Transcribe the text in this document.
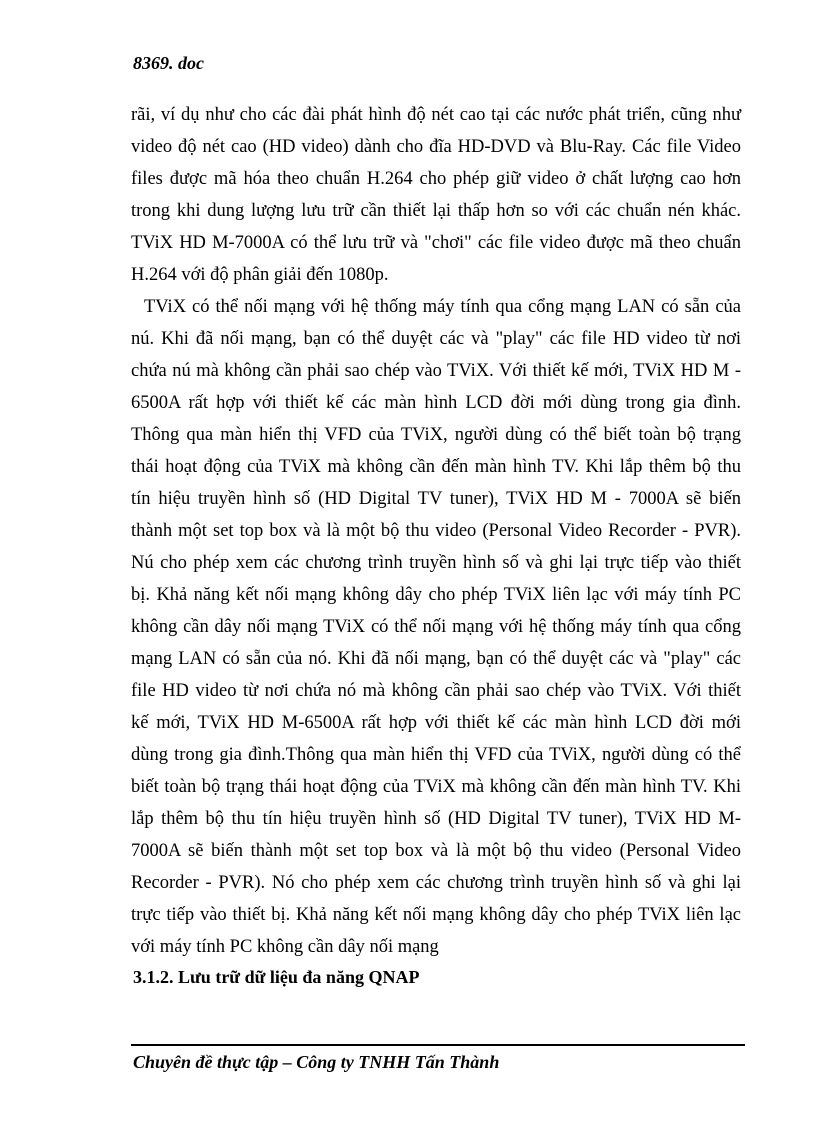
8369. doc
rãi, ví dụ như cho các đài phát hình độ nét cao tại các nước phát triển, cũng như
video độ nét cao (HD video) dành cho đĩa HD-DVD và Blu-Ray. Các file Video
files được mã hóa theo chuẩn H.264 cho phép giữ video ở chất lượng cao hơn
trong khi dung lượng lưu trữ cần thiết lại thấp hơn so với các chuẩn nén khác.
TViX HD M-7000A có thể lưu trữ và "chơi" các file video được mã theo chuẩn
H.264 với độ phân giải đến 1080p.
TViX có thể nối mạng với hệ thống máy tính qua cổng mạng LAN có sẵn của
nú. Khi đã nối mạng, bạn có thể duyệt các và "play" các file HD video từ nơi
chứa nú mà không cần phải sao chép vào TViX. Với thiết kế mới, TViX HD M -
6500A rất hợp với thiết kế các màn hình LCD đời mới dùng trong gia đình.
Thông qua màn hiển thị VFD của TViX, người dùng có thể biết toàn bộ trạng
thái hoạt động của TViX mà không cần đến màn hình TV. Khi lắp thêm bộ thu
tín hiệu truyền hình số (HD Digital TV tuner), TViX HD M - 7000A sẽ biến
thành một set top box và là một bộ thu video (Personal Video Recorder - PVR).
Nú cho phép xem các chương trình truyền hình số và ghi lại trực tiếp vào thiết
bị. Khả năng kết nối mạng không dây cho phép TViX liên lạc với máy tính PC
không cần dây nối mạng TViX có thể nối mạng với hệ thống máy tính qua cổng
mạng LAN có sẵn của nó. Khi đã nối mạng, bạn có thể duyệt các và "play" các
file HD video từ nơi chứa nó mà không cần phải sao chép vào TViX. Với thiết
kế mới, TViX HD M-6500A rất hợp với thiết kế các màn hình LCD đời mới
dùng trong gia đình.Thông qua màn hiển thị VFD của TViX, người dùng có thể
biết toàn bộ trạng thái hoạt động của TViX mà không cần đến màn hình TV. Khi
lắp thêm bộ thu tín hiệu truyền hình số (HD Digital TV tuner), TViX HD M-
7000A sẽ biến thành một set top box và là một bộ thu video (Personal Video
Recorder - PVR). Nó cho phép xem các chương trình truyền hình số và ghi lại
trực tiếp vào thiết bị. Khả năng kết nối mạng không dây cho phép TViX liên lạc
với máy tính PC không cần dây nối mạng
3.1.2. Lưu trữ dữ liệu đa năng QNAP
Chuyên đề thực tập – Công ty TNHH Tấn Thành
